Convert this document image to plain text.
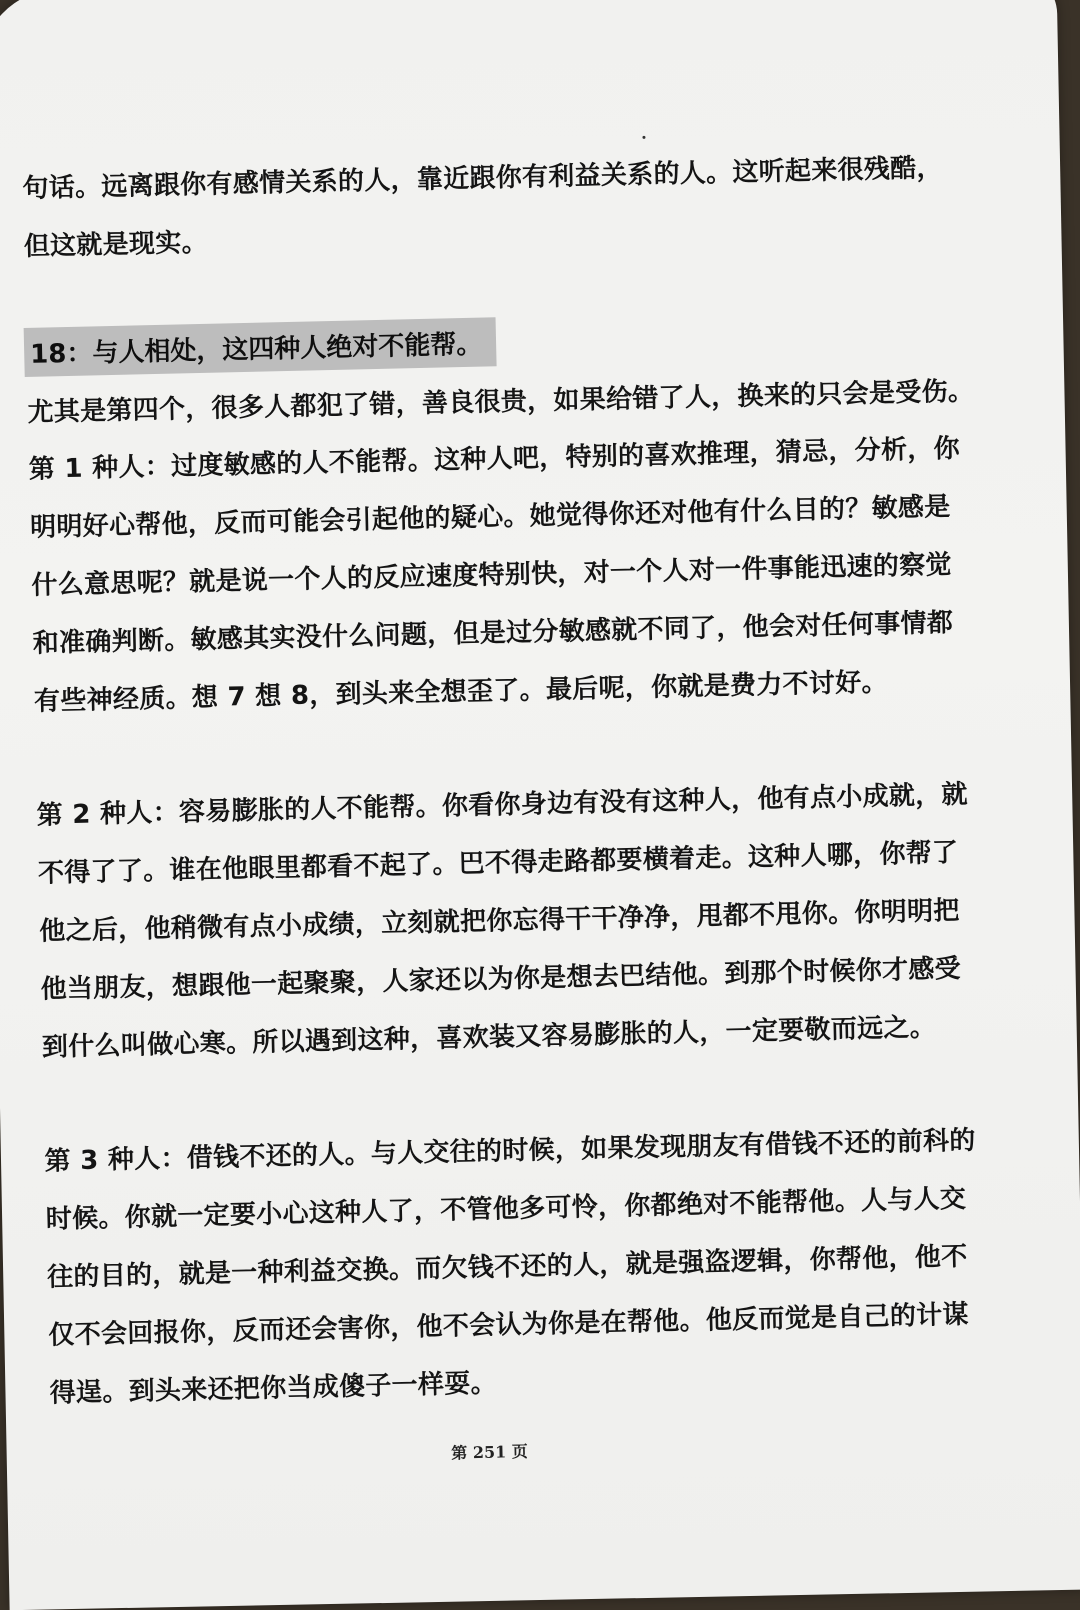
句话。远离跟你有感情关系的人，靠近跟你有利益关系的人。这听起来很残酷，
但这就是现实。
18：与人相处，这四种人绝对不能帮。
尤其是第四个，很多人都犯了错，善良很贵，如果给错了人，换来的只会是受伤。
第 1 种人：过度敏感的人不能帮。这种人吧，特别的喜欢推理，猜忌，分析，你
明明好心帮他，反而可能会引起他的疑心。她觉得你还对他有什么目的？敏感是
什么意思呢？就是说一个人的反应速度特别快，对一个人对一件事能迅速的察觉
和准确判断。敏感其实没什么问题，但是过分敏感就不同了，他会对任何事情都
有些神经质。想 7 想 8，到头来全想歪了。最后呢，你就是费力不讨好。
第 2 种人：容易膨胀的人不能帮。你看你身边有没有这种人，他有点小成就，就
不得了了。谁在他眼里都看不起了。巴不得走路都要横着走。这种人哪，你帮了
他之后，他稍微有点小成绩，立刻就把你忘得干干净净，甩都不甩你。你明明把
他当朋友，想跟他一起聚聚，人家还以为你是想去巴结他。到那个时候你才感受
到什么叫做心寒。所以遇到这种，喜欢装又容易膨胀的人，一定要敬而远之。
第 3 种人：借钱不还的人。与人交往的时候，如果发现朋友有借钱不还的前科的
时候。你就一定要小心这种人了，不管他多可怜，你都绝对不能帮他。人与人交
往的目的，就是一种利益交换。而欠钱不还的人，就是强盗逻辑，你帮他，他不
仅不会回报你，反而还会害你，他不会认为你是在帮他。他反而觉是自己的计谋
得逞。到头来还把你当成傻子一样耍。
第 251 页
